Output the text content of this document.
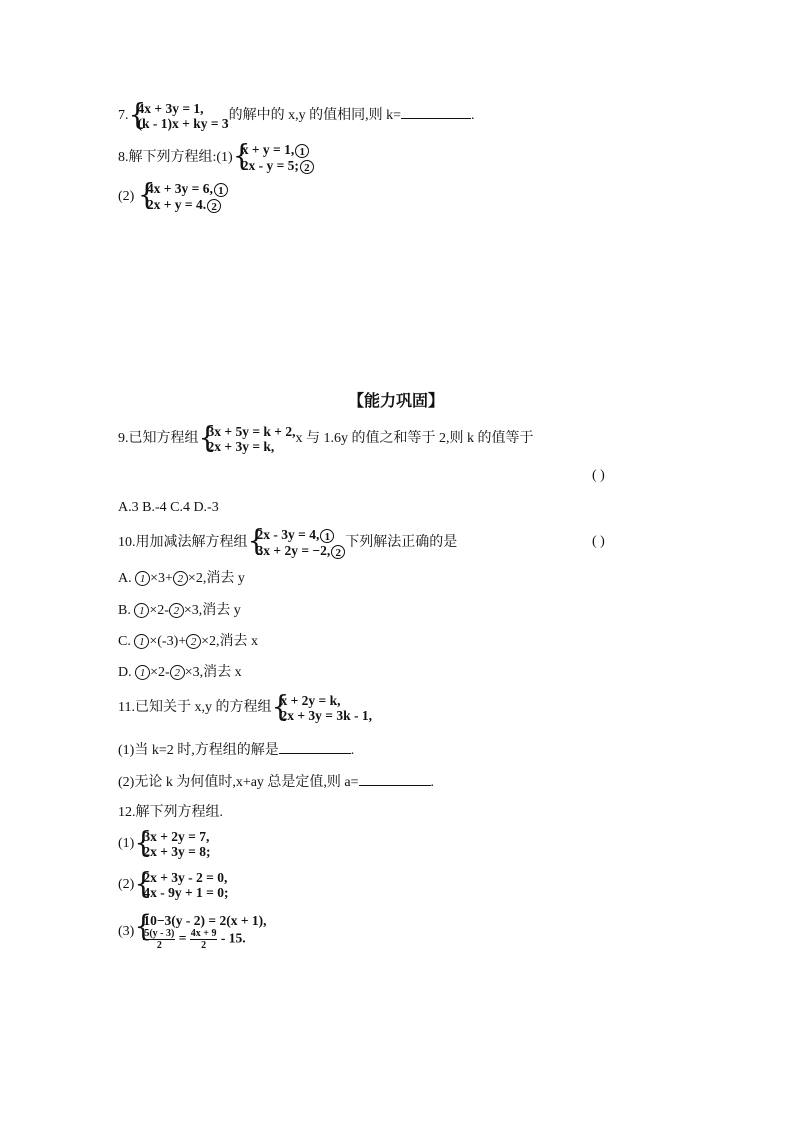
7. {
4x + 3y = 1,
(k - 1)x + ky = 3
的解中的 x,y 的值相同,则 k=	.
8.解下列方程组:(1) {
x + y = 1, 1
2x - y = 5; 2
(2) {
4x + 3y = 6, 1
2x + y = 4. 2
【能力巩固】
9.已知方程组 {
3x + 5y = k + 2,
2x + 3y = k,
x 与 1.6y 的值之和等于 2,则 k 的值等于
( )
A.3 B.-4 C.4 D.-3
10.用加减法解方程组 {
2x - 3y = 4, 1
3x + 2y = −2, 2
下列解法正确的是	( )
A. 1 ×3+ 2 ×2,消去 y
B. 1 ×2- 2 ×3,消去 y
C. 1 ×(-3)+ 2 ×2,消去 x
D. 1 ×2- 2 ×3,消去 x
11.已知关于 x,y 的方程组 {
x + 2y = k,
2x + 3y = 3k - 1,
(1)当 k=2 时,方程组的解是	.
(2)无论 k 为何值时,x+ay 总是定值,则 a=	.
12.解下列方程组.
(1) {
3x + 2y = 7,
2x + 3y = 8;
(2) {
2x + 3y - 2 = 0,
4x - 9y + 1 = 0;
(3) {
10−3(y - 2) = 2(x + 1),
$\frac{5(y - 3)}{2} = \frac{4x + 9}{2} - 15$.
